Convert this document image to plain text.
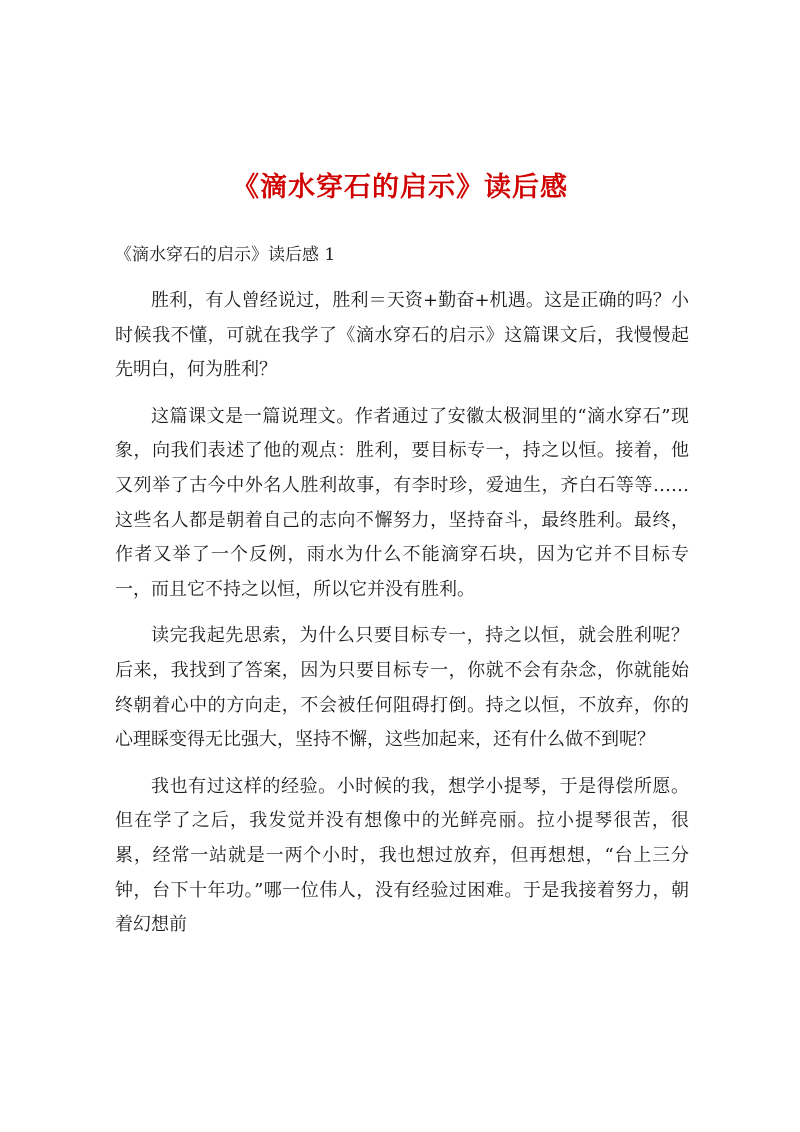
《滴水穿石的启示》读后感
《滴水穿石的启示》读后感 1

胜利，有人曾经说过，胜利＝天资+勤奋+机遇。这是正确的吗？小时候我不懂，可就在我学了《滴水穿石的启示》这篇课文后，我慢慢起先明白，何为胜利？

这篇课文是一篇说理文。作者通过了安徽太极洞里的“滴水穿石”现象，向我们表述了他的观点：胜利，要目标专一，持之以恒。接着，他又列举了古今中外名人胜利故事，有李时珍，爱迪生，齐白石等等……这些名人都是朝着自己的志向不懈努力，坚持奋斗，最终胜利。最终，作者又举了一个反例，雨水为什么不能滴穿石块，因为它并不目标专一，而且它不持之以恒，所以它并没有胜利。

读完我起先思索，为什么只要目标专一，持之以恒，就会胜利呢？后来，我找到了答案，因为只要目标专一，你就不会有杂念，你就能始终朝着心中的方向走，不会被任何阻碍打倒。持之以恒，不放弃，你的心理睬变得无比强大，坚持不懈，这些加起来，还有什么做不到呢？

我也有过这样的经验。小时候的我，想学小提琴，于是得偿所愿。但在学了之后，我发觉并没有想像中的光鲜亮丽。拉小提琴很苦，很累，经常一站就是一两个小时，我也想过放弃，但再想想，“台上三分钟，台下十年功。”哪一位伟人，没有经验过困难。于是我接着努力，朝着幻想前
